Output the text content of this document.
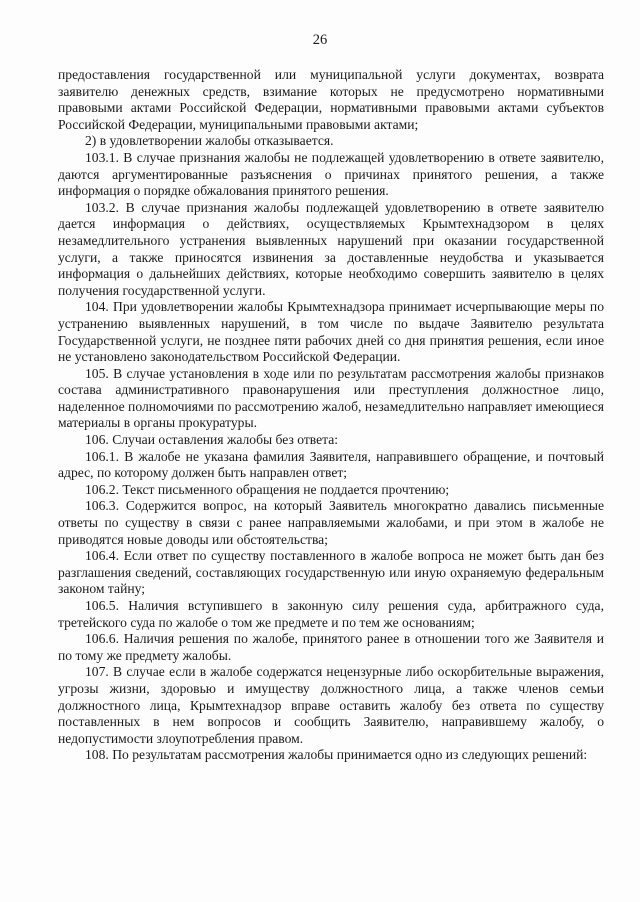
26

предоставления государственной или муниципальной услуги документах, возврата заявителю денежных средств, взимание которых не предусмотрено нормативными правовыми актами Российской Федерации, нормативными правовыми актами субъектов Российской Федерации, муниципальными правовыми актами;

2) в удовлетворении жалобы отказывается.

103.1. В случае признания жалобы не подлежащей удовлетворению в ответе заявителю, даются аргументированные разъяснения о причинах принятого решения, а также информация о порядке обжалования принятого решения.

103.2. В случае признания жалобы подлежащей удовлетворению в ответе заявителю дается информация о действиях, осуществляемых Крымтехнадзором в целях незамедлительного устранения выявленных нарушений при оказании государственной услуги, а также приносятся извинения за доставленные неудобства и указывается информация о дальнейших действиях, которые необходимо совершить заявителю в целях получения государственной услуги.

104. При удовлетворении жалобы Крымтехнадзора принимает исчерпывающие меры по устранению выявленных нарушений, в том числе по выдаче Заявителю результата Государственной услуги, не позднее пяти рабочих дней со дня принятия решения, если иное не установлено законодательством Российской Федерации.

105. В случае установления в ходе или по результатам рассмотрения жалобы признаков состава административного правонарушения или преступления должностное лицо, наделенное полномочиями по рассмотрению жалоб, незамедлительно направляет имеющиеся материалы в органы прокуратуры.

106. Случаи оставления жалобы без ответа:

106.1. В жалобе не указана фамилия Заявителя, направившего обращение, и почтовый адрес, по которому должен быть направлен ответ;

106.2. Текст письменного обращения не поддается прочтению;

106.3. Содержится вопрос, на который Заявитель многократно давались письменные ответы по существу в связи с ранее направляемыми жалобами, и при этом в жалобе не приводятся новые доводы или обстоятельства;

106.4. Если ответ по существу поставленного в жалобе вопроса не может быть дан без разглашения сведений, составляющих государственную или иную охраняемую федеральным законом тайну;

106.5. Наличия вступившего в законную силу решения суда, арбитражного суда, третейского суда по жалобе о том же предмете и по тем же основаниям;

106.6. Наличия решения по жалобе, принятого ранее в отношении того же Заявителя и по тому же предмету жалобы.

107. В случае если в жалобе содержатся нецензурные либо оскорбительные выражения, угрозы жизни, здоровью и имуществу должностного лица, а также членов семьи должностного лица, Крымтехнадзор вправе оставить жалобу без ответа по существу поставленных в нем вопросов и сообщить Заявителю, направившему жалобу, о недопустимости злоупотребления правом.

108. По результатам рассмотрения жалобы принимается одно из следующих решений:
